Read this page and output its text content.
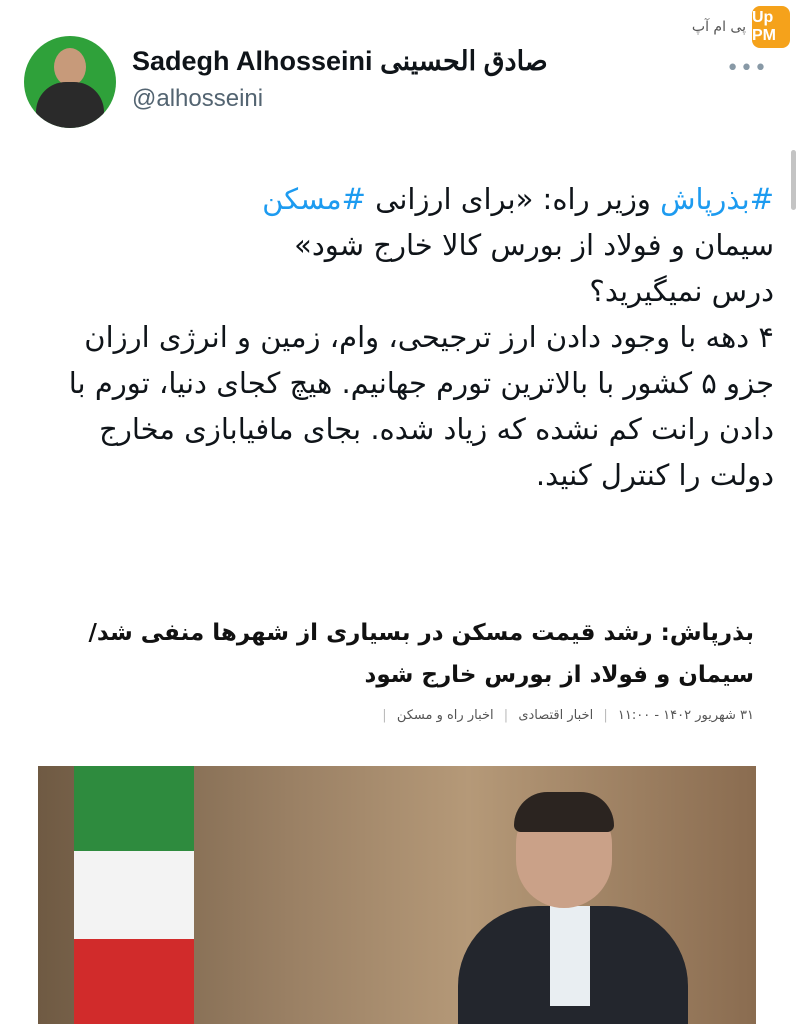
پی ام آپ
Up PM
Sadegh Alhosseini صادق الحسینی
@alhosseini
•••

#بذرپاش وزیر راه: «برای ارزانی #مسکن

سیمان و فولاد از بورس کالا خارج شود»

درس نمیگیرید؟

۴ دهه با وجود دادن ارز ترجیحی، وام، زمین و انرژی ارزان جزو ۵ کشور با بالاترین تورم جهانیم. هیچ کجای دنیا، تورم با دادن رانت کم نشده که زیاد شده. بجای مافیابازی مخارج دولت را کنترل کنید.

بذرپاش: رشد قیمت مسکن در بسیاری از شهرها منفی شد/سیمان و فولاد از بورس خارج شود
۳۱ شهریور ۱۴۰۲ - ۱۱:۰۰ | اخبار اقتصادی | اخبار راه و مسکن |
